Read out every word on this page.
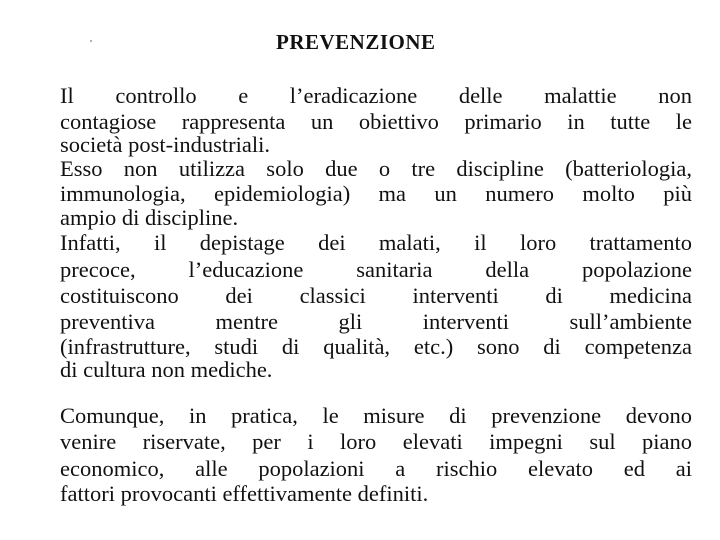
PREVENZIONE

Il controllo e l’eradicazione delle malattie non

contagiose rappresenta un obiettivo primario in tutte le

società post-industriali.

Esso non utilizza solo due o tre discipline (batteriologia,

immunologia, epidemiologia) ma un numero molto più

ampio di discipline.

Infatti, il depistage dei malati, il loro trattamento

precoce, l’educazione sanitaria della popolazione

costituiscono dei classici interventi di medicina

preventiva mentre gli interventi sull’ambiente

(infrastrutture, studi di qualità, etc.) sono di competenza

di cultura non mediche.

Comunque, in pratica, le misure di prevenzione devono

venire riservate, per i loro elevati impegni sul piano

economico, alle popolazioni a rischio elevato ed ai

fattori provocanti effettivamente definiti.
